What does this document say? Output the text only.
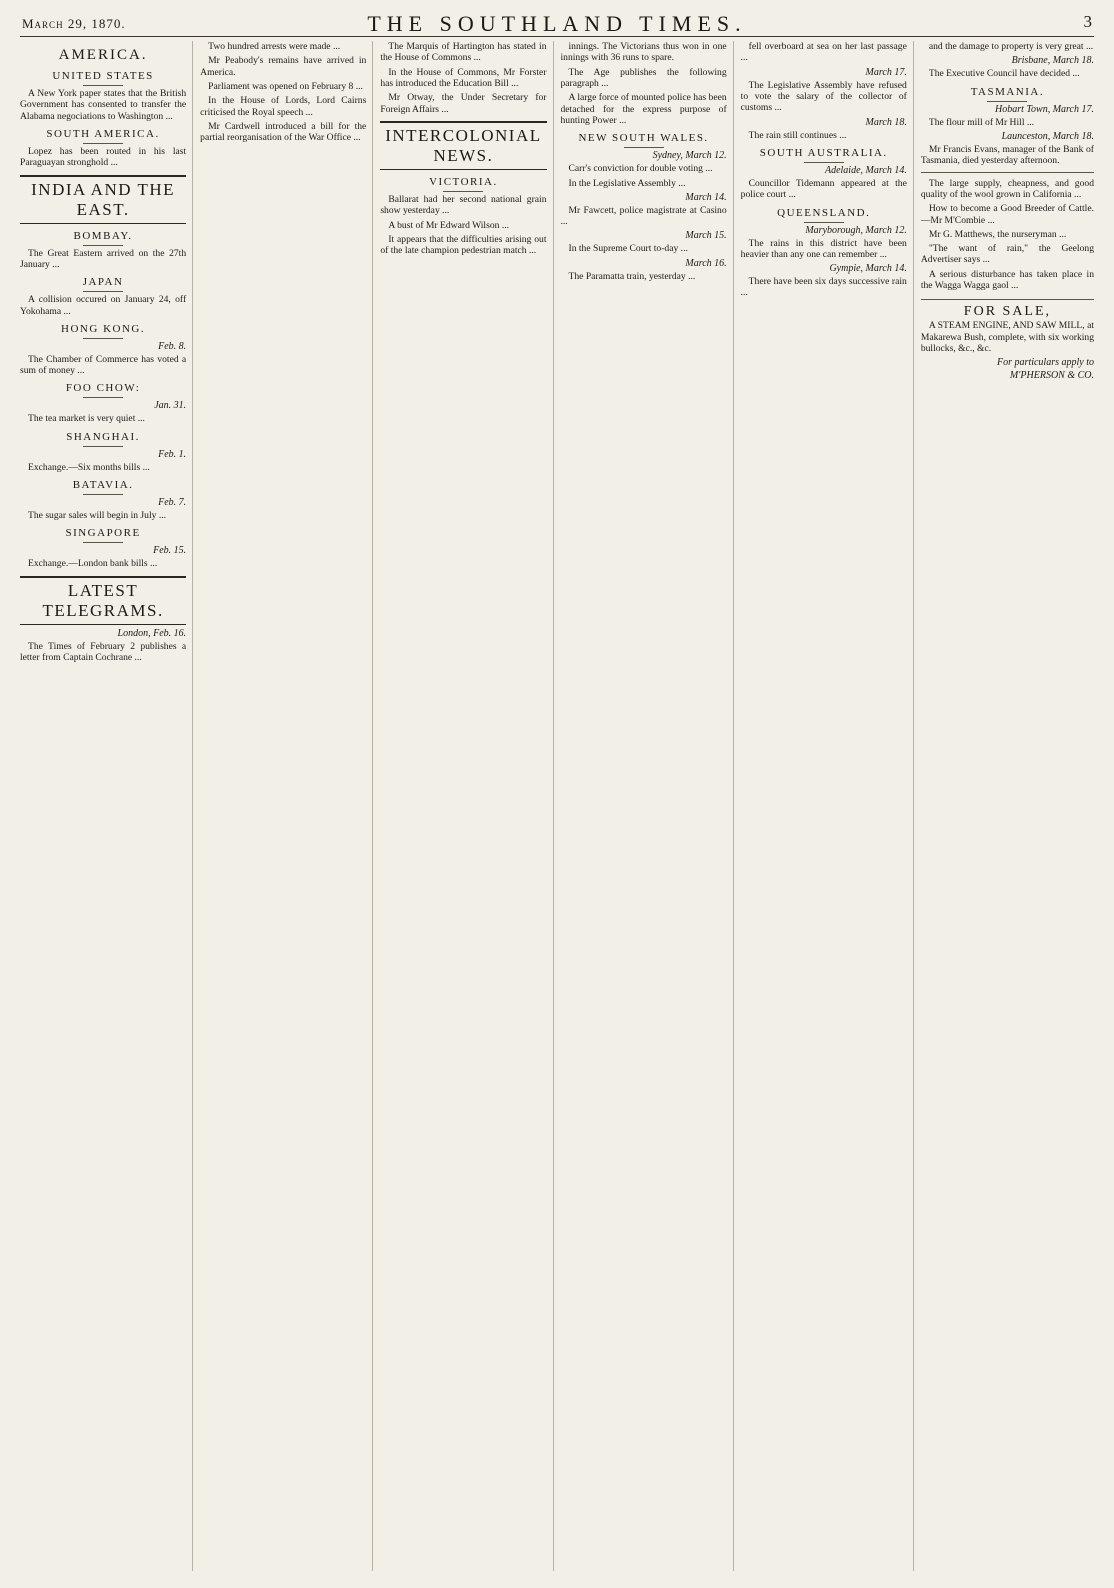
March 29, 1870.	THE SOUTHLAND TIMES.	3
AMERICA.
UNITED STATES

A New York paper states that the British Government has consented to transfer the Alabama negociations to Washington ...

SOUTH AMERICA.

Lopez has been routed in his last Paraguayan stronghold ...

INDIA AND THE EAST.
BOMBAY.

The Great Eastern arrived on the 27th January ...

JAPAN

A collision occured on January 24, off Yokohama ...

HONG KONG.
Feb. 8.

The Chamber of Commerce has voted a sum of money ...

FOO CHOW:
Jan. 31.

The tea market is very quiet ...

SHANGHAI.
Feb. 1.

Exchange.—Six months bills ...

BATAVIA.
Feb. 7.

The sugar sales will begin in July ...

SINGAPORE
Feb. 15.

Exchange.—London bank bills ...

LATEST TELEGRAMS.
London, Feb. 16.

The Times of February 2 publishes a letter from Captain Cochrane ...

Two hundred arrests were made ...

Mr Peabody's remains have arrived in America.

Parliament was opened on February 8 ...

In the House of Lords, Lord Cairns criticised the Royal speech ...

Mr Cardwell introduced a bill for the partial reorganisation of the War Office ...

The Marquis of Hartington has stated in the House of Commons ...

In the House of Commons, Mr Forster has introduced the Education Bill ...

Mr Otway, the Under Secretary for Foreign Affairs ...

INTERCOLONIAL NEWS.
VICTORIA.

Ballarat had her second national grain show yesterday ...

A bust of Mr Edward Wilson ...

It appears that the difficulties arising out of the late champion pedestrian match ...

innings. The Victorians thus won in one innings with 36 runs to spare.

The Age publishes the following paragraph ...

A large force of mounted police has been detached for the express purpose of hunting Power ...

NEW SOUTH WALES.
Sydney, March 12.

Carr's conviction for double voting ...

In the Legislative Assembly ...

March 14.

Mr Fawcett, police magistrate at Casino ...

March 15.

In the Supreme Court to-day ...

March 16.

The Paramatta train, yesterday ...

fell overboard at sea on her last passage ...

March 17.

The Legislative Assembly have refused to vote the salary of the collector of customs ...

March 18.

The rain still continues ...

SOUTH AUSTRALIA.
Adelaide, March 14.

Councillor Tidemann appeared at the police court ...

QUEENSLAND.
Maryborough, March 12.

The rains in this district have been heavier than any one can remember ...

Gympie, March 14.

There have been six days successive rain ...

and the damage to property is very great ...

Brisbane, March 18.

The Executive Council have decided ...

TASMANIA.
Hobart Town, March 17.

The flour mill of Mr Hill ...

Launceston, March 18.

Mr Francis Evans, manager of the Bank of Tasmania, died yesterday afternoon.

The large supply, cheapness, and good quality of the wool grown in California ...

How to become a Good Breeder of Cattle.—Mr M'Combie ...

Mr G. Matthews, the nurseryman ...

"The want of rain," the Geelong Advertiser says ...

A serious disturbance has taken place in the Wagga Wagga gaol ...

FOR SALE,

A STEAM ENGINE, AND SAW MILL, at Makarewa Bush, complete, with six working bullocks, &c., &c.

For particulars apply to
M'PHERSON & CO.
